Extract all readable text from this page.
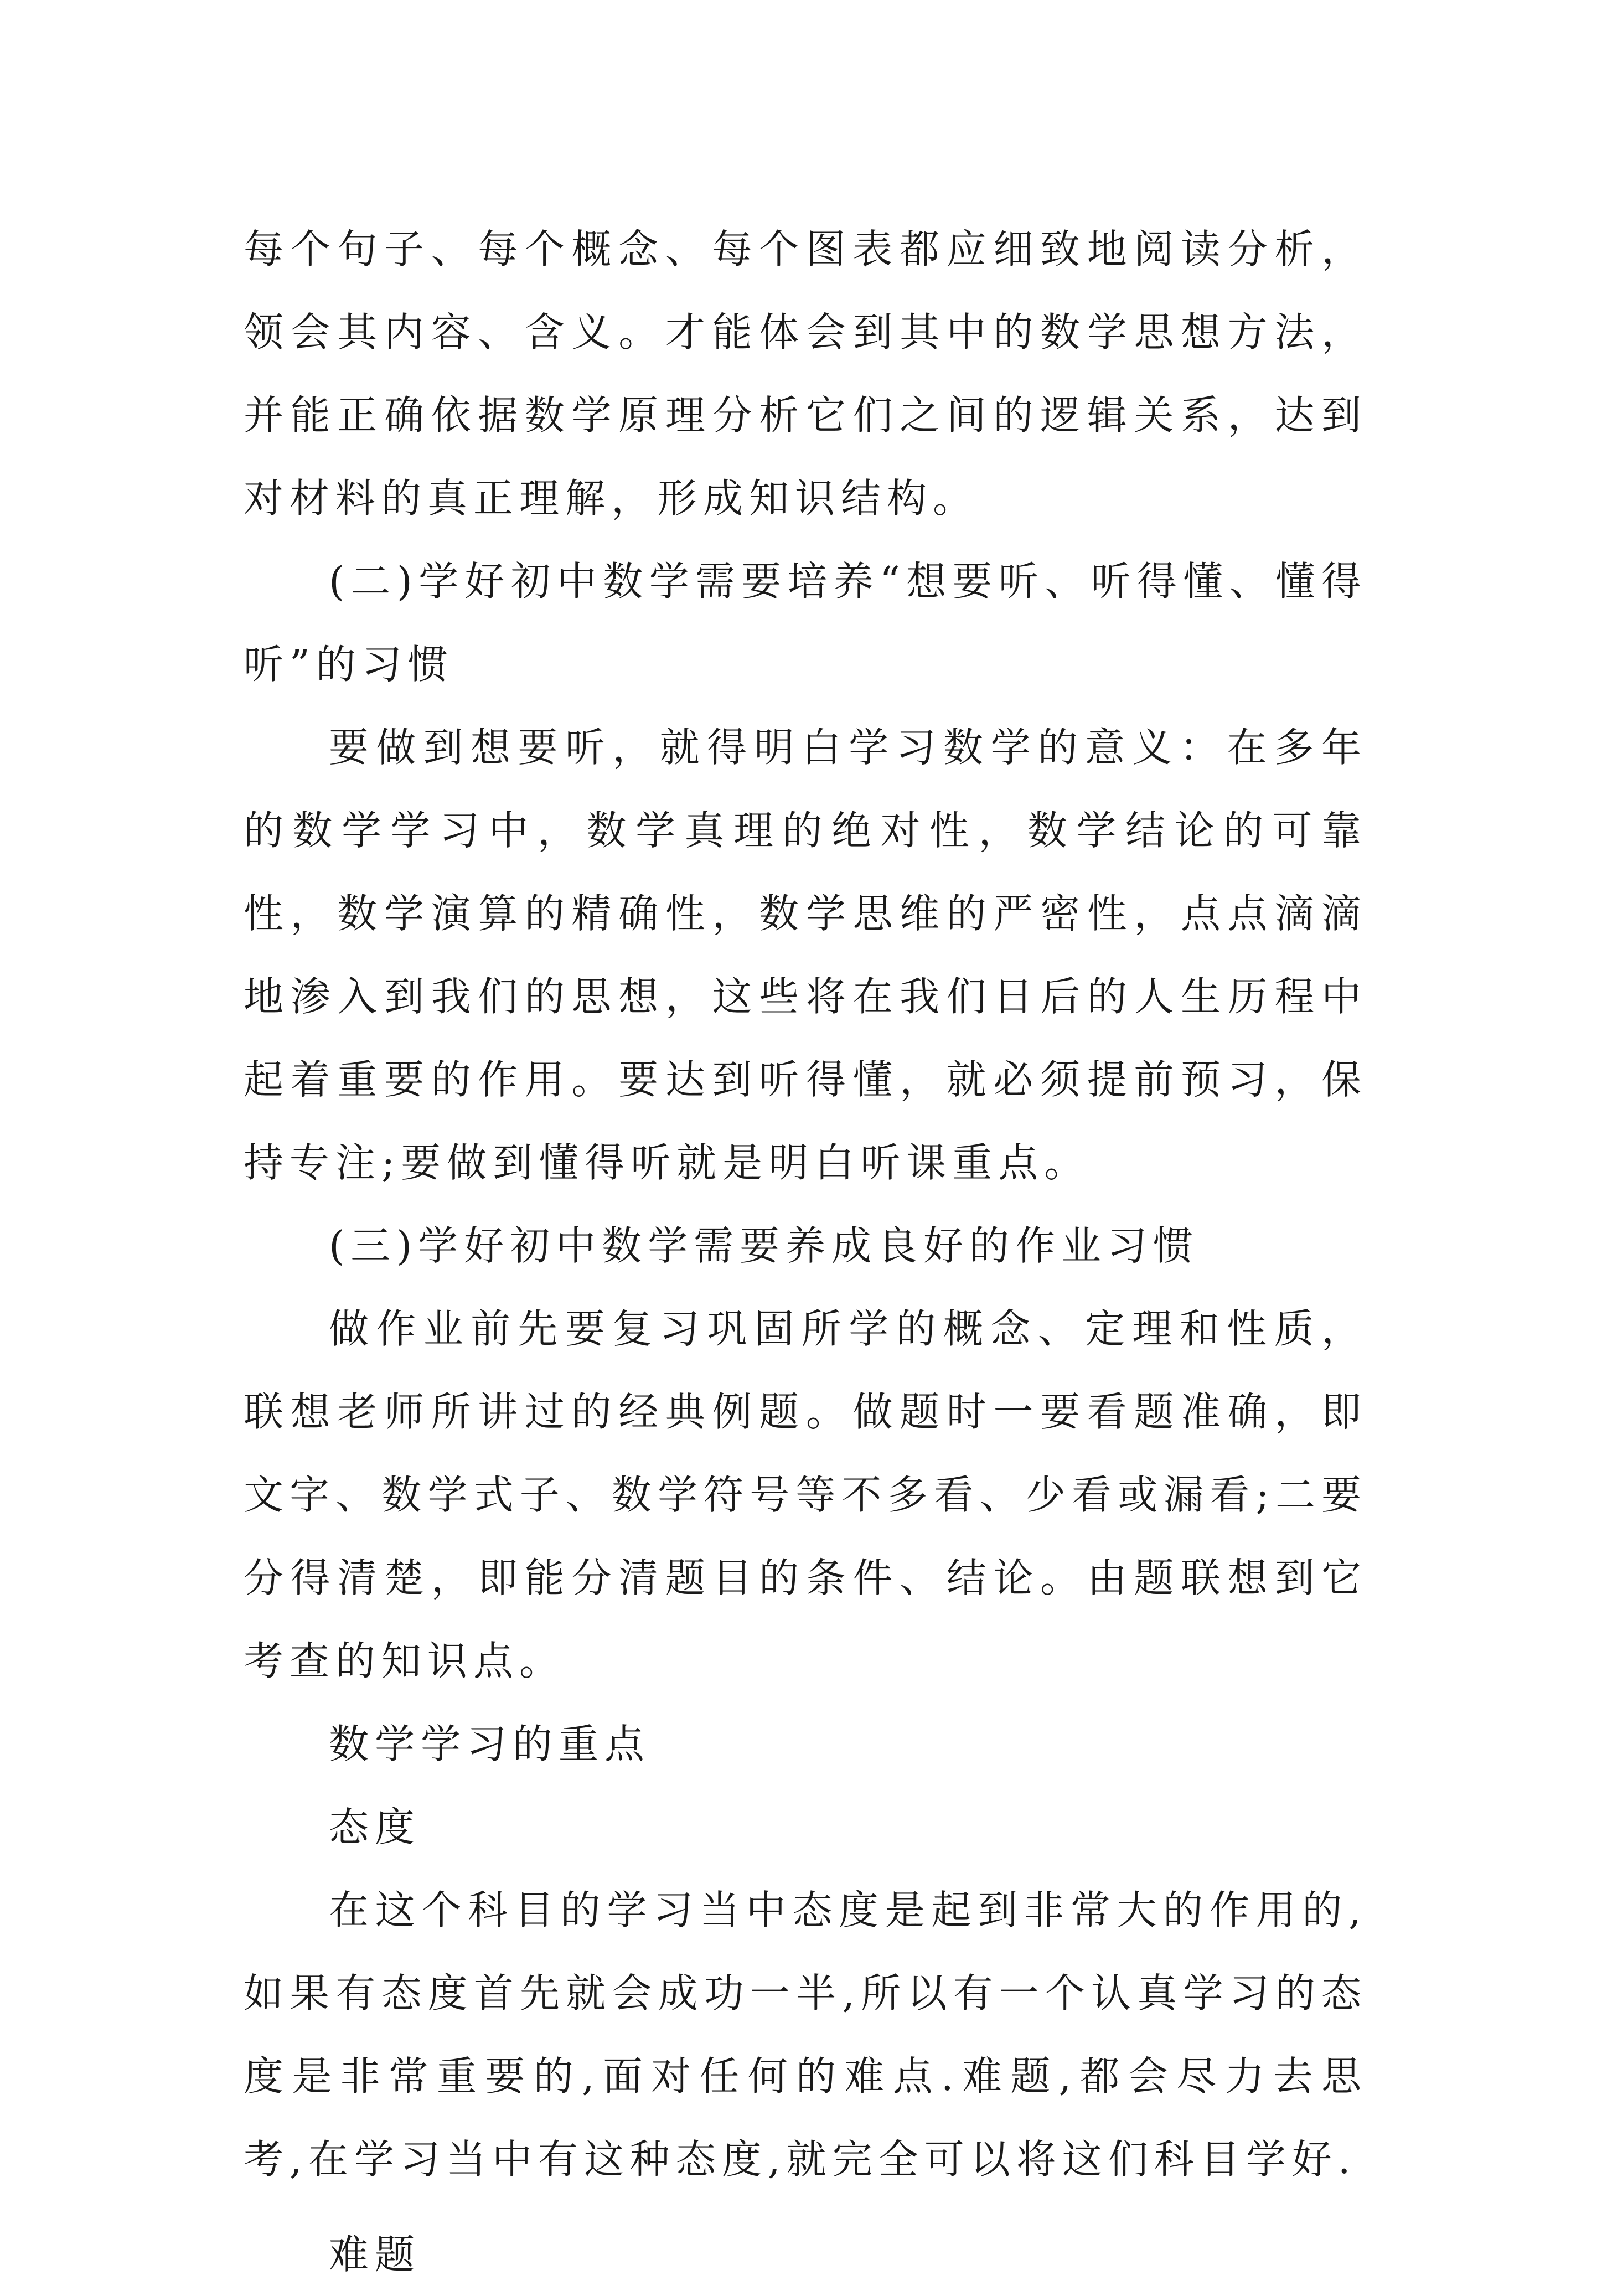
每个句子、每个概念、每个图表都应细致地阅读分析，领会其内容、含义。才能体会到其中的数学思想方法，并能正确依据数学原理分析它们之间的逻辑关系，达到对材料的真正理解，形成知识结构。

(二)学好初中数学需要培养“想要听、听得懂、懂得听”的习惯

要做到想要听，就得明白学习数学的意义：在多年的数学学习中，数学真理的绝对性，数学结论的可靠性，数学演算的精确性，数学思维的严密性，点点滴滴地渗入到我们的思想，这些将在我们日后的人生历程中起着重要的作用。要达到听得懂，就必须提前预习，保持专注;要做到懂得听就是明白听课重点。

(三)学好初中数学需要养成良好的作业习惯

做作业前先要复习巩固所学的概念、定理和性质，联想老师所讲过的经典例题。做题时一要看题准确，即文字、数学式子、数学符号等不多看、少看或漏看;二要分得清楚，即能分清题目的条件、结论。由题联想到它考查的知识点。

数学学习的重点

态度

在这个科目的学习当中态度是起到非常大的作用的,如果有态度首先就会成功一半,所以有一个认真学习的态度是非常重要的,面对任何的难点.难题,都会尽力去思考,在学习当中有这种态度,就完全可以将这们科目学好.

难题
